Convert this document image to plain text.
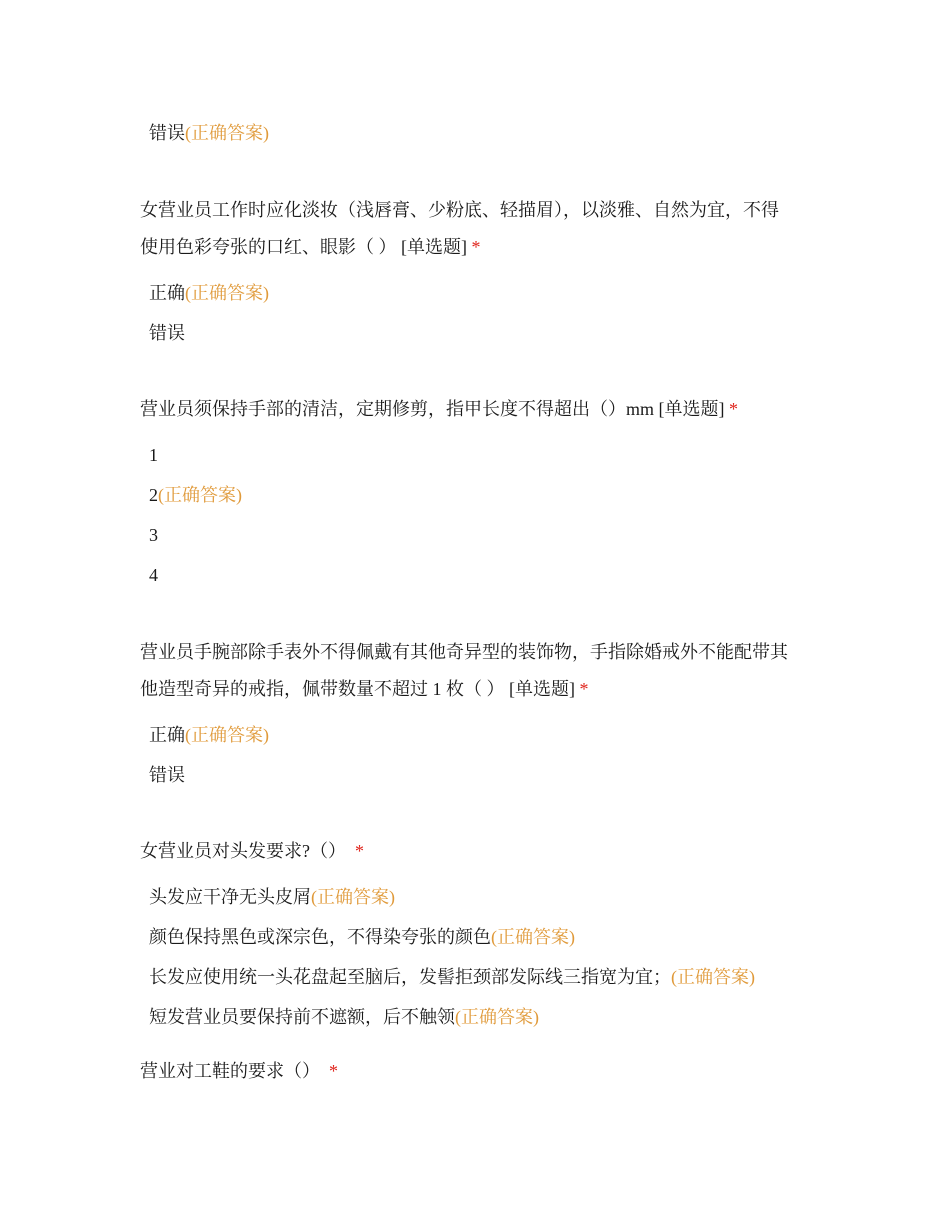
错误(正确答案)
女营业员工作时应化淡妆（浅唇膏、少粉底、轻描眉），以淡雅、自然为宜，不得
使用色彩夸张的口红、眼影（ ） [单选题] *
正确(正确答案)
错误
营业员须保持手部的清洁，定期修剪，指甲长度不得超出（）mm [单选题] *
1
2(正确答案)
3
4
营业员手腕部除手表外不得佩戴有其他奇异型的装饰物，手指除婚戒外不能配带其
他造型奇异的戒指，佩带数量不超过 1 枚（ ） [单选题] *
正确(正确答案)
错误
女营业员对头发要求?（） *
头发应干净无头皮屑(正确答案)
颜色保持黑色或深宗色，不得染夸张的颜色(正确答案)
长发应使用统一头花盘起至脑后，发髻拒颈部发际线三指宽为宜；(正确答案)
短发营业员要保持前不遮额，后不触领(正确答案)
营业对工鞋的要求（） *
